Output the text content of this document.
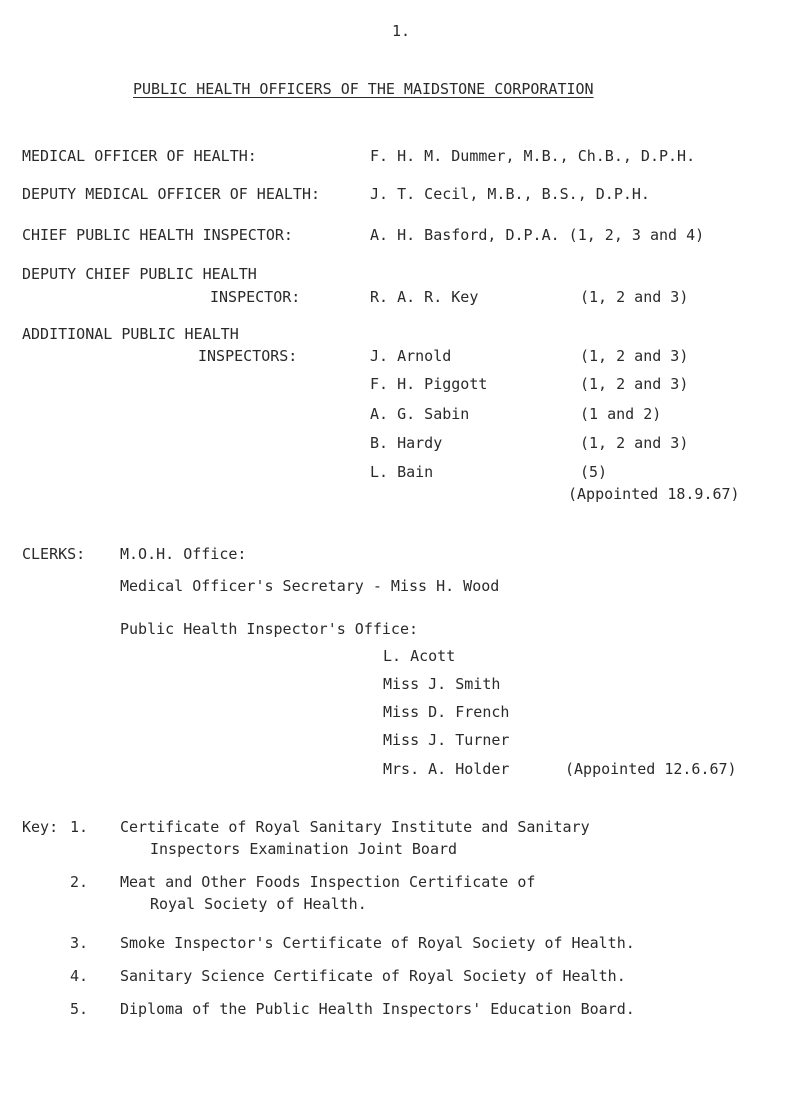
1.
PUBLIC HEALTH OFFICERS OF THE MAIDSTONE CORPORATION
MEDICAL OFFICER OF HEALTH:	F. H. M. Dummer, M.B., Ch.B., D.P.H.
DEPUTY MEDICAL OFFICER OF HEALTH:	J. T. Cecil, M.B., B.S., D.P.H.
CHIEF PUBLIC HEALTH INSPECTOR:	A. H. Basford, D.P.A. (1, 2, 3 and 4)
DEPUTY CHIEF PUBLIC HEALTH
INSPECTOR:	R. A. R. Key	(1, 2 and 3)
ADDITIONAL PUBLIC HEALTH
INSPECTORS:	J. Arnold	(1, 2 and 3)
F. H. Piggott	(1, 2 and 3)
A. G. Sabin	(1 and 2)
B. Hardy	(1, 2 and 3)
L. Bain	(5)
(Appointed 18.9.67)
CLERKS: M.O.H. Office:
Medical Officer's Secretary - Miss H. Wood
Public Health Inspector's Office:
L. Acott
Miss J. Smith
Miss D. French
Miss J. Turner
Mrs. A. Holder	(Appointed 12.6.67)
Key: 1. Certificate of Royal Sanitary Institute and Sanitary
Inspectors Examination Joint Board
2. Meat and Other Foods Inspection Certificate of
Royal Society of Health.
3. Smoke Inspector's Certificate of Royal Society of Health.
4. Sanitary Science Certificate of Royal Society of Health.
5. Diploma of the Public Health Inspectors' Education Board.
